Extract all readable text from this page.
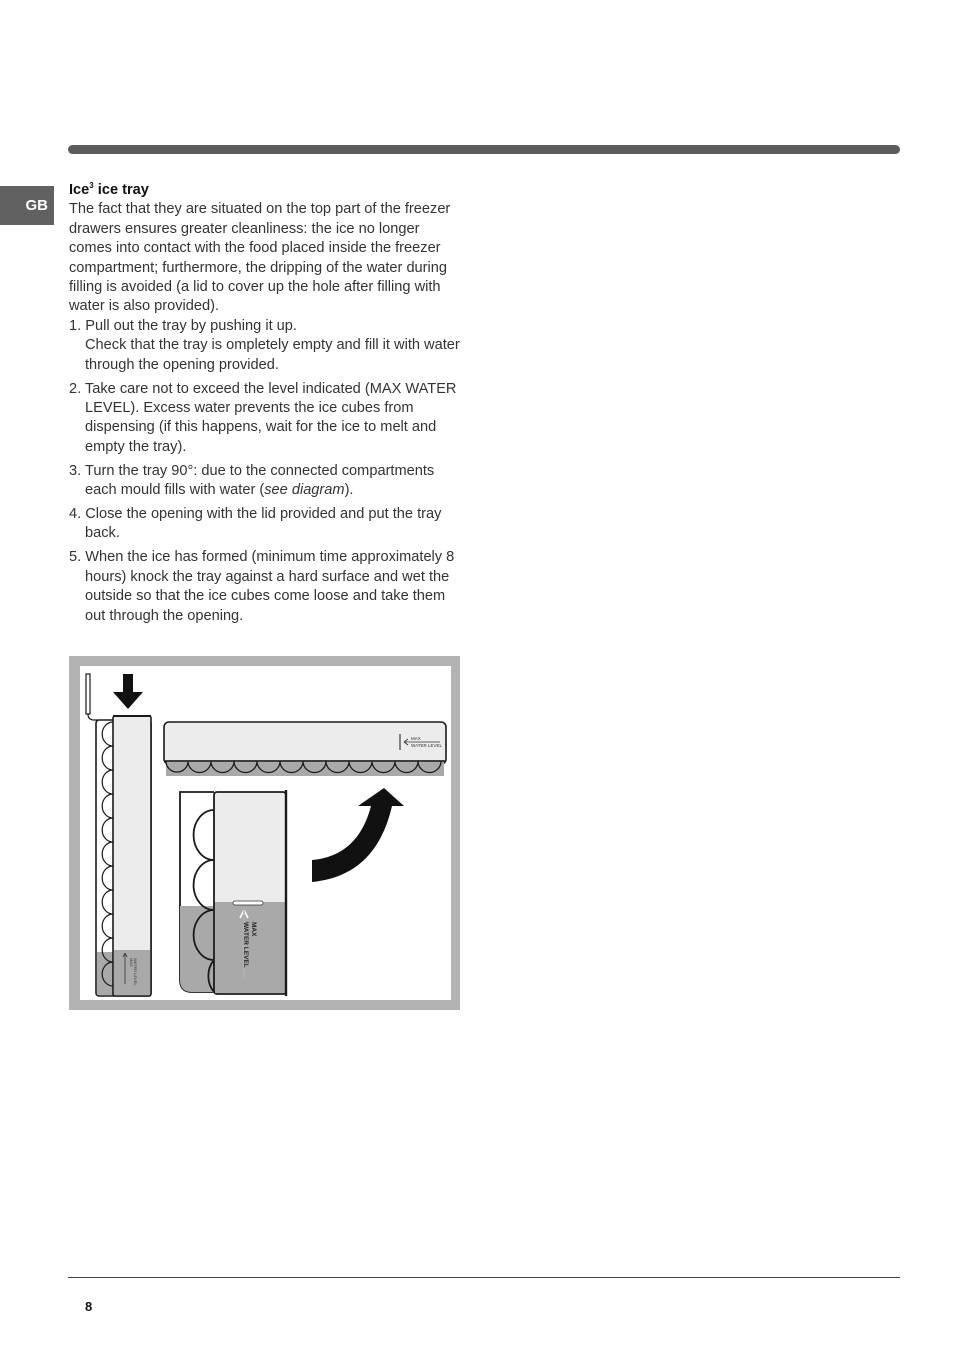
GB

Ice$^3$ ice tray

The fact that they are situated on the top part of the freezer drawers ensures greater cleanliness: the ice no longer comes into contact with the food placed inside the freezer compartment; furthermore, the dripping of the water during filling is avoided (a lid to cover up the hole after filling with water is also provided).

1. Pull out the tray by pushing it up.
Check that the tray is ompletely empty and fill it with water through the opening provided.
2. Take care not to exceed the level indicated (MAX WATER LEVEL). Excess water prevents the ice cubes from dispensing (if this happens, wait for the ice to melt and empty the tray).
3. Turn the tray 90°: due to the connected compartments each mould fills with water (see diagram).
4. Close the opening with the lid provided and put the tray back.
5. When the ice has formed (minimum time approximately 8 hours) knock the tray against a hard surface and wet the outside so that the ice cubes come loose and take them out through the opening.
MAX WATER LEVEL
MAX
WATER LEVEL
MAX
WATER LEVEL
8
